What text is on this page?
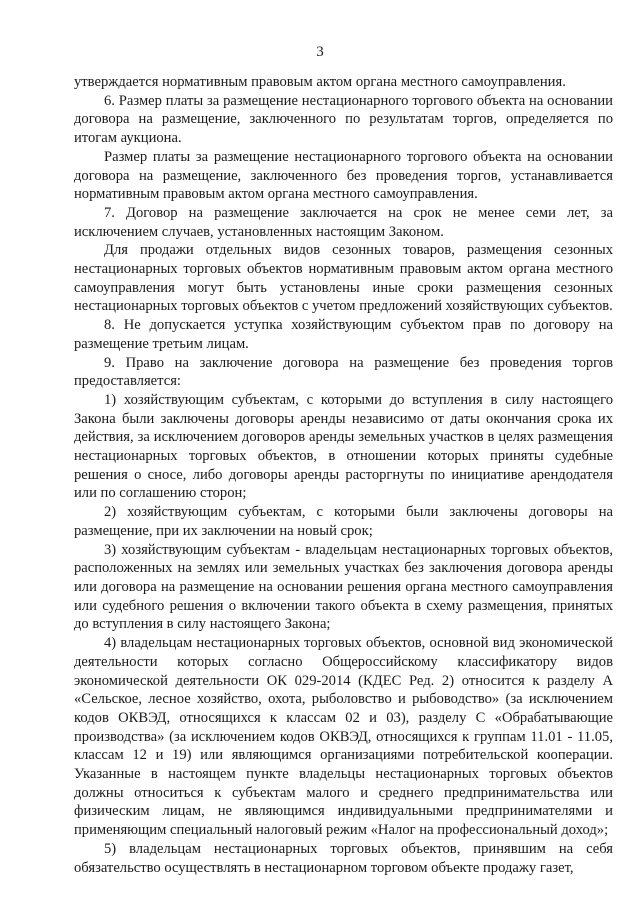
3

утверждается нормативным правовым актом органа местного самоуправления.

6. Размер платы за размещение нестационарного торгового объекта на основании договора на размещение, заключенного по результатам торгов, определяется по итогам аукциона.

Размер платы за размещение нестационарного торгового объекта на основании договора на размещение, заключенного без проведения торгов, устанавливается нормативным правовым актом органа местного самоуправления.

7. Договор на размещение заключается на срок не менее семи лет, за исключением случаев, установленных настоящим Законом.

Для продажи отдельных видов сезонных товаров, размещения сезонных нестационарных торговых объектов нормативным правовым актом органа местного самоуправления могут быть установлены иные сроки размещения сезонных нестационарных торговых объектов с учетом предложений хозяйствующих субъектов.

8. Не допускается уступка хозяйствующим субъектом прав по договору на размещение третьим лицам.

9. Право на заключение договора на размещение без проведения торгов предоставляется:

1) хозяйствующим субъектам, с которыми до вступления в силу настоящего Закона были заключены договоры аренды независимо от даты окончания срока их действия, за исключением договоров аренды земельных участков в целях размещения нестационарных торговых объектов, в отношении которых приняты судебные решения о сносе, либо договоры аренды расторгнуты по инициативе арендодателя или по соглашению сторон;

2) хозяйствующим субъектам, с которыми были заключены договоры на размещение, при их заключении на новый срок;

3) хозяйствующим субъектам - владельцам нестационарных торговых объектов, расположенных на землях или земельных участках без заключения договора аренды или договора на размещение на основании решения органа местного самоуправления или судебного решения о включении такого объекта в схему размещения, принятых до вступления в силу настоящего Закона;

4) владельцам нестационарных торговых объектов, основной вид экономической деятельности которых согласно Общероссийскому классификатору видов экономической деятельности ОК 029-2014 (КДЕС Ред. 2) относится к разделу А «Сельское, лесное хозяйство, охота, рыболовство и рыбоводство» (за исключением кодов ОКВЭД, относящихся к классам 02 и 03), разделу С «Обрабатывающие производства» (за исключением кодов ОКВЭД, относящихся к группам 11.01 - 11.05, классам 12 и 19) или являющимся организациями потребительской кооперации. Указанные в настоящем пункте владельцы нестационарных торговых объектов должны относиться к субъектам малого и среднего предпринимательства или физическим лицам, не являющимся индивидуальными предпринимателями и применяющим специальный налоговый режим «Налог на профессиональный доход»;

5) владельцам нестационарных торговых объектов, принявшим на себя обязательство осуществлять в нестационарном торговом объекте продажу газет,
